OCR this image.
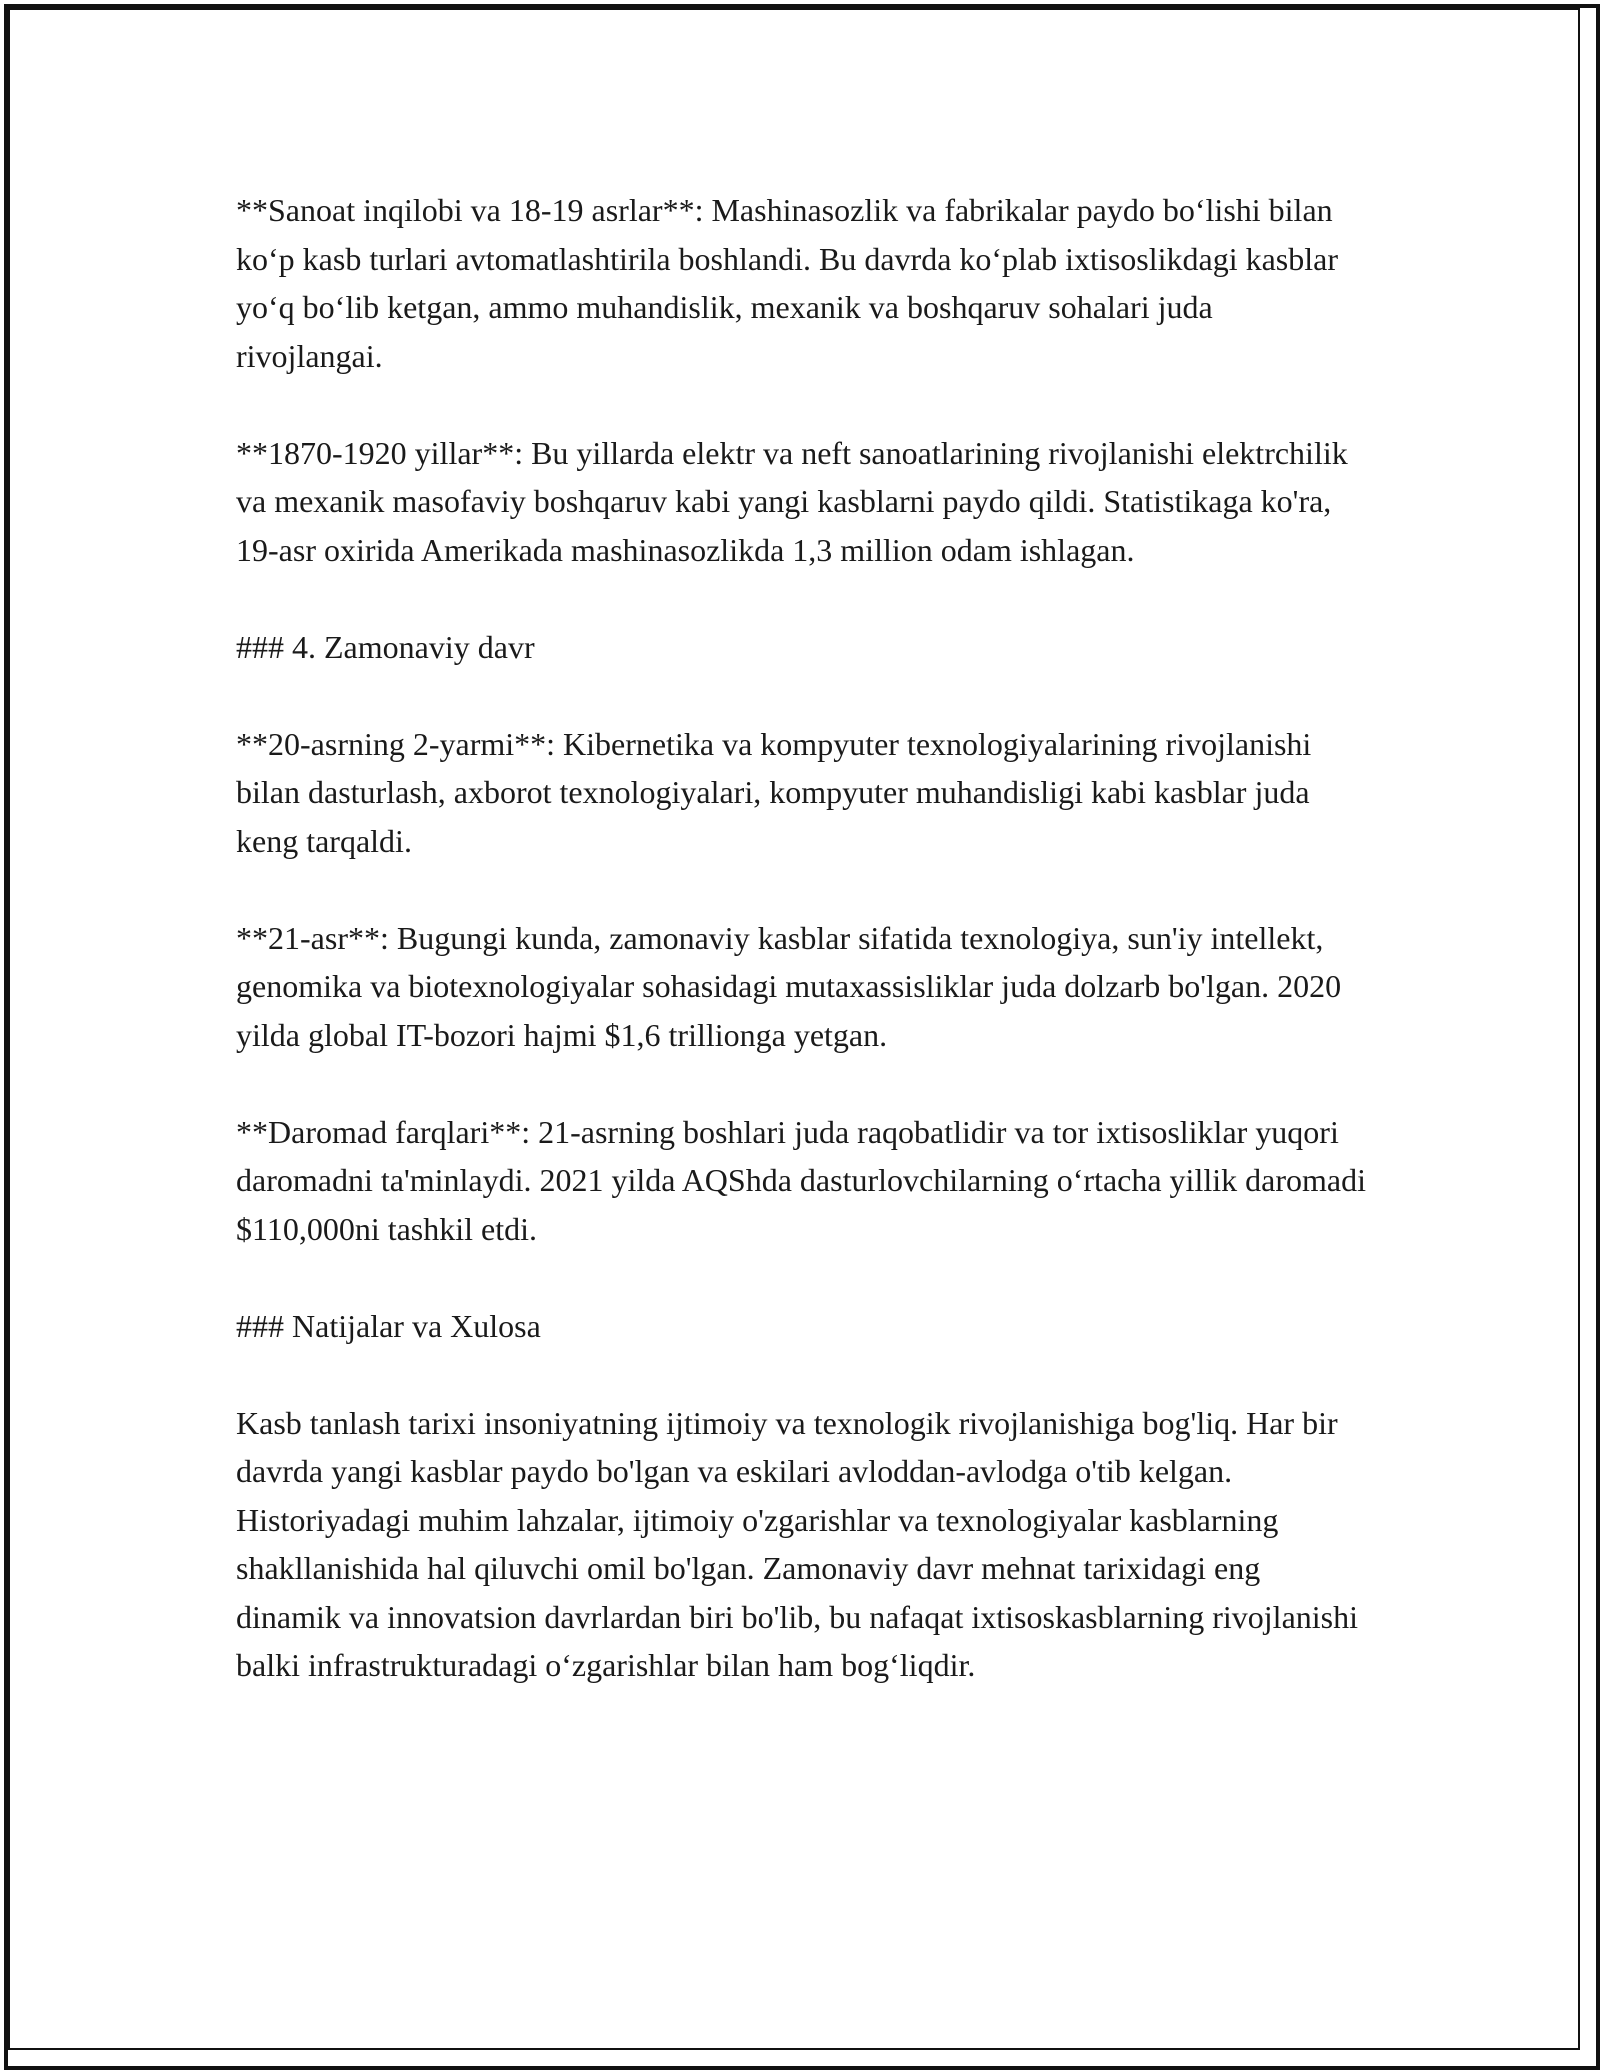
**Sanoat inqilobi va 18-19 asrlar**: Mashinasozlik va fabrikalar paydo boʻlishi bilan koʻp kasb turlari avtomatlashtirila boshlandi. Bu davrda koʻplab ixtisoslikdagi kasblar yoʻq boʻlib ketgan, ammo muhandislik, mexanik va boshqaruv sohalari juda rivojlangai.

**1870-1920 yillar**: Bu yillarda elektr va neft sanoatlarining rivojlanishi elektrchilik va mexanik masofaviy boshqaruv kabi yangi kasblarni paydo qildi. Statistikaga ko'ra, 19-asr oxirida Amerikada mashinasozlikda 1,3 million odam ishlagan.

### 4. Zamonaviy davr

**20-asrning 2-yarmi**: Kibernetika va kompyuter texnologiyalarining rivojlanishi bilan dasturlash, axborot texnologiyalari, kompyuter muhandisligi kabi kasblar juda keng tarqaldi.

**21-asr**: Bugungi kunda, zamonaviy kasblar sifatida texnologiya, sun'iy intellekt, genomika va biotexnologiyalar sohasidagi mutaxassisliklar juda dolzarb bo'lgan. 2020 yilda global IT-bozori hajmi $1,6 trillionga yetgan.

**Daromad farqlari**: 21-asrning boshlari juda raqobatlidir va tor ixtisosliklar yuqori daromadni ta'minlaydi. 2021 yilda AQShda dasturlovchilarning oʻrtacha yillik daromadi $110,000ni tashkil etdi.

### Natijalar va Xulosa

Kasb tanlash tarixi insoniyatning ijtimoiy va texnologik rivojlanishiga bog'liq. Har bir davrda yangi kasblar paydo bo'lgan va eskilari avloddan-avlodga o'tib kelgan. Historiyadagi muhim lahzalar, ijtimoiy o'zgarishlar va texnologiyalar kasblarning shakllanishida hal qiluvchi omil bo'lgan. Zamonaviy davr mehnat tarixidagi eng dinamik va innovatsion davrlardan biri bo'lib, bu nafaqat ixtisoskasblarning rivojlanishi balki infrastrukturadagi oʻzgarishlar bilan ham bogʻliqdir.
